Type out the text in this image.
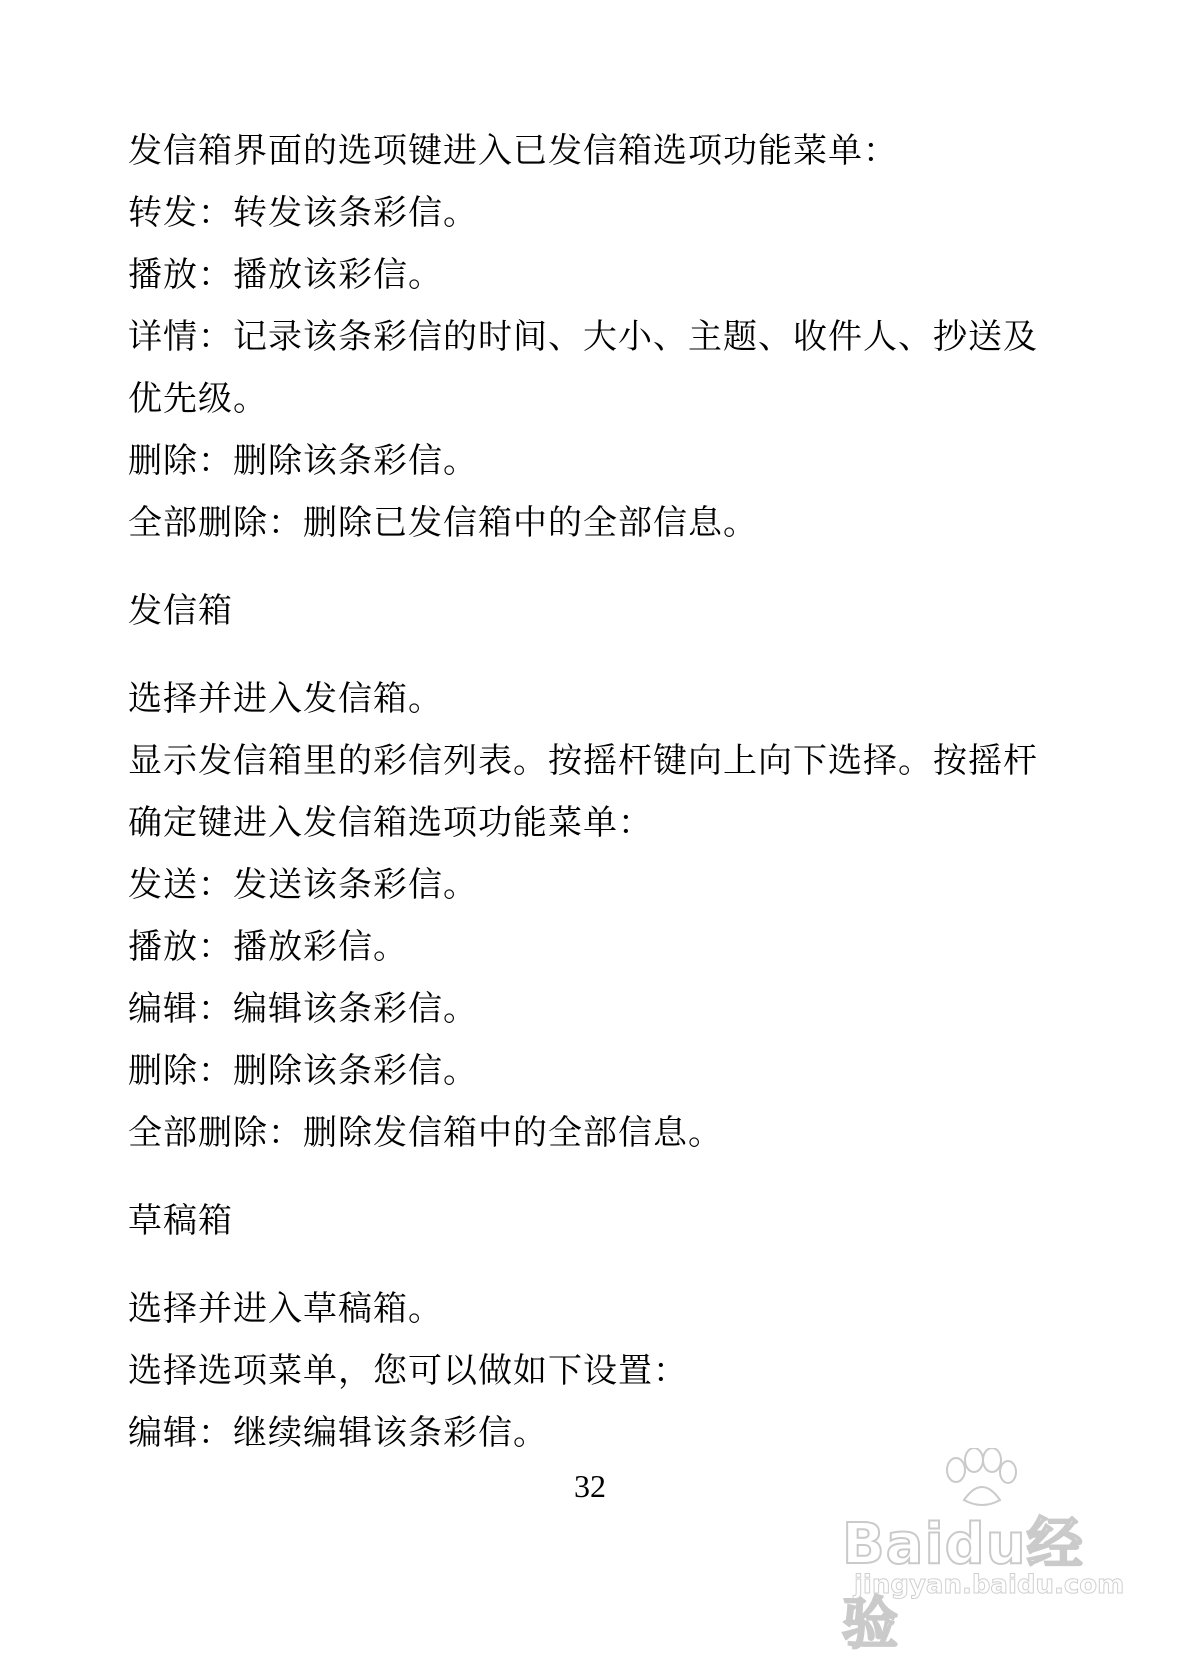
发信箱界面的选项键进入已发信箱选项功能菜单：
转发：转发该条彩信。
播放：播放该彩信。
详情：记录该条彩信的时间、大小、主题、收件人、抄送及
优先级。
删除：删除该条彩信。
全部删除：删除已发信箱中的全部信息。
发信箱
选择并进入发信箱。
显示发信箱里的彩信列表。按摇杆键向上向下选择。按摇杆
确定键进入发信箱选项功能菜单：
发送：发送该条彩信。
播放：播放彩信。
编辑：编辑该条彩信。
删除：删除该条彩信。
全部删除：删除发信箱中的全部信息。
草稿箱
选择并进入草稿箱。
选择选项菜单，您可以做如下设置：
编辑：继续编辑该条彩信。
32
Baidu经验
jingyan.baidu.com
